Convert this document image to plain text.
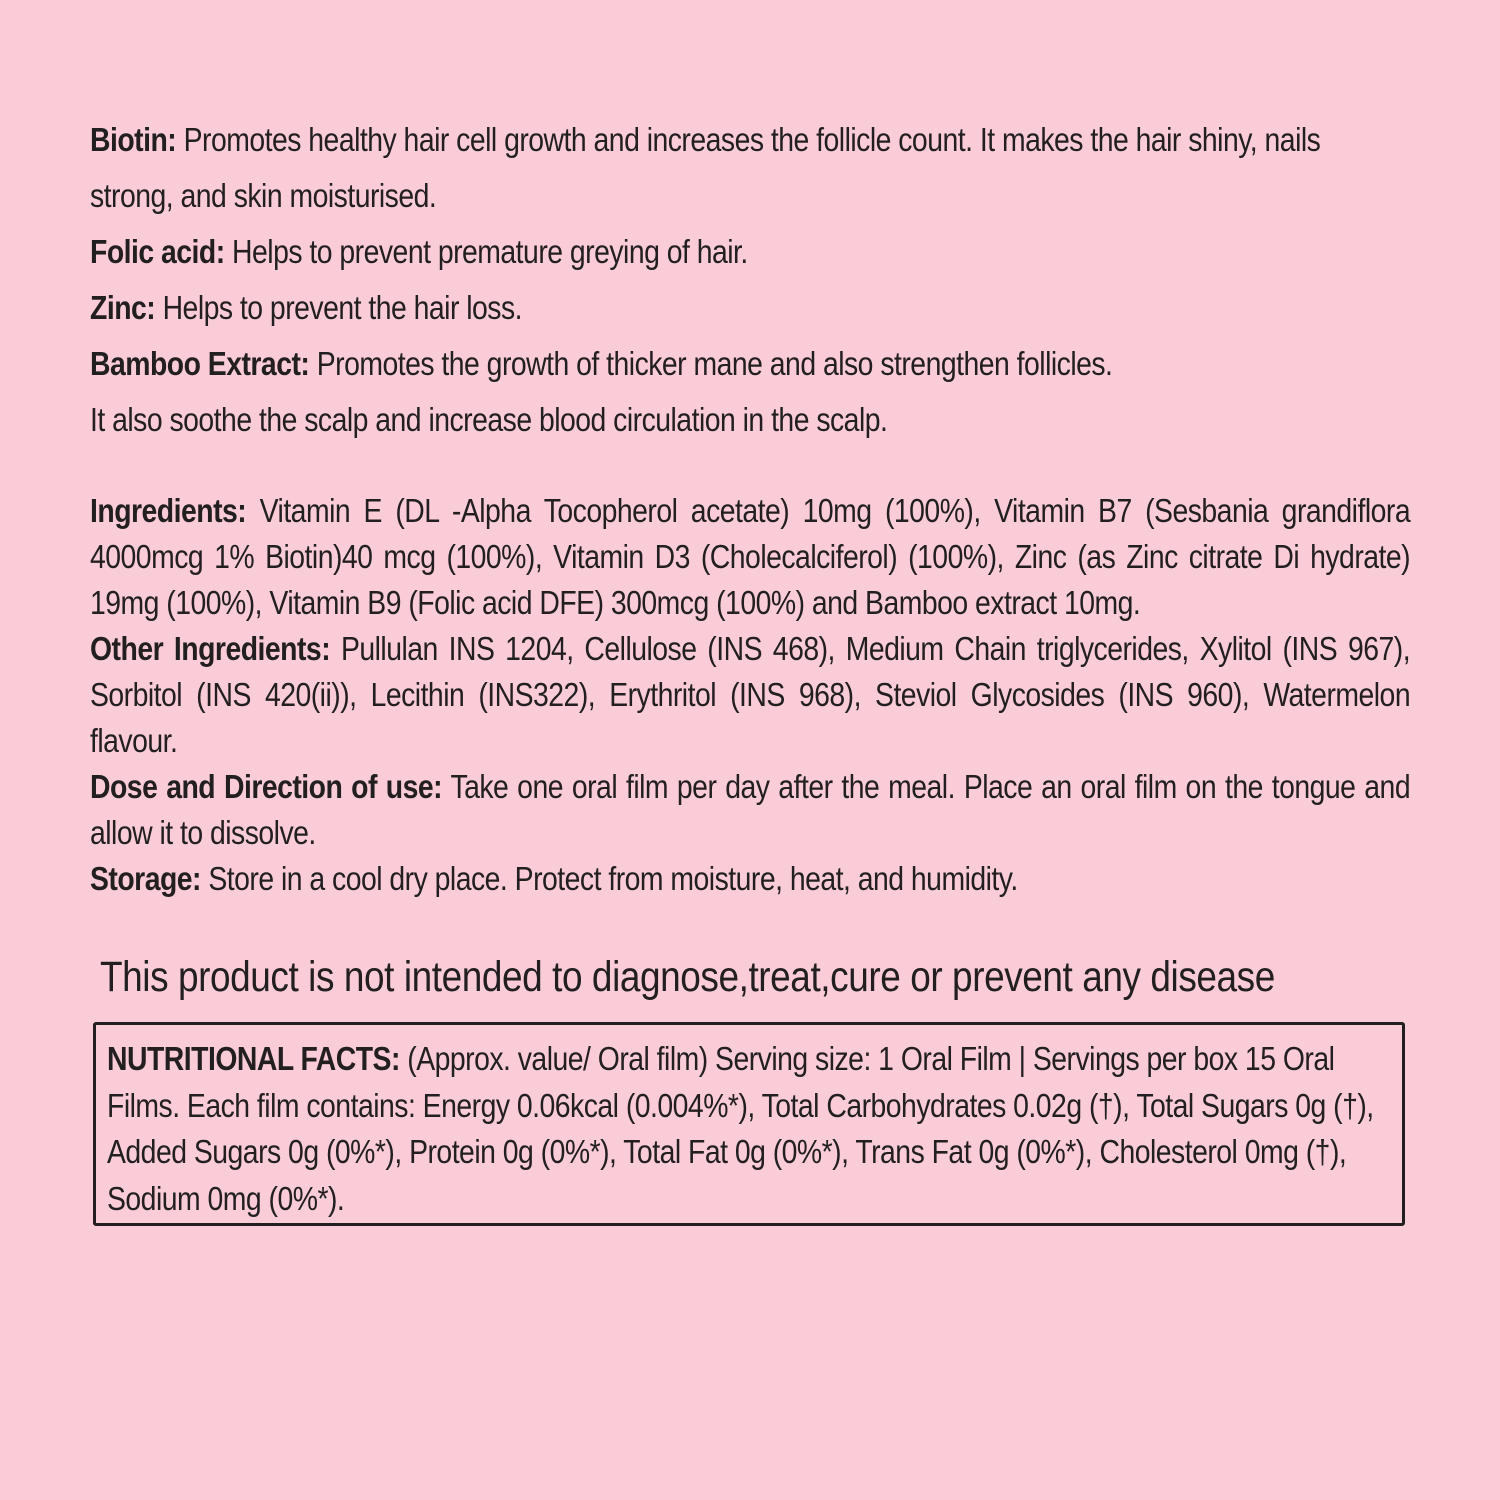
Biotin: Promotes healthy hair cell growth and increases the follicle count. It makes the hair shiny, nails strong, and skin moisturised.

Folic acid: Helps to prevent premature greying of hair.

Zinc: Helps to prevent the hair loss.

Bamboo Extract: Promotes the growth of thicker mane and also strengthen follicles.

It also soothe the scalp and increase blood circulation in the scalp.

Ingredients: Vitamin E (DL -Alpha Tocopherol acetate) 10mg (100%), Vitamin B7 (Sesbania grandiflora 4000mcg 1% Biotin)40 mcg (100%), Vitamin D3 (Cholecalciferol) (100%), Zinc (as Zinc citrate Di hydrate) 19mg (100%), Vitamin B9 (Folic acid DFE) 300mcg (100%) and Bamboo extract 10mg.

Other Ingredients: Pullulan INS 1204, Cellulose (INS 468), Medium Chain triglycerides, Xylitol (INS 967), Sorbitol (INS 420(ii)), Lecithin (INS322), Erythritol (INS 968), Steviol Glycosides (INS 960), Watermelon flavour.

Dose and Direction of use: Take one oral film per day after the meal. Place an oral film on the tongue and allow it to dissolve.

Storage: Store in a cool dry place. Protect from moisture, heat, and humidity.

This product is not intended to diagnose,treat,cure or prevent any disease

NUTRITIONAL FACTS: (Approx. value/ Oral film) Serving size: 1 Oral Film | Servings per box 15 Oral Films. Each film contains: Energy 0.06kcal (0.004%*), Total Carbohydrates 0.02g (†), Total Sugars 0g (†), Added Sugars 0g (0%*), Protein 0g (0%*), Total Fat 0g (0%*), Trans Fat 0g (0%*), Cholesterol 0mg (†), Sodium 0mg (0%*).
